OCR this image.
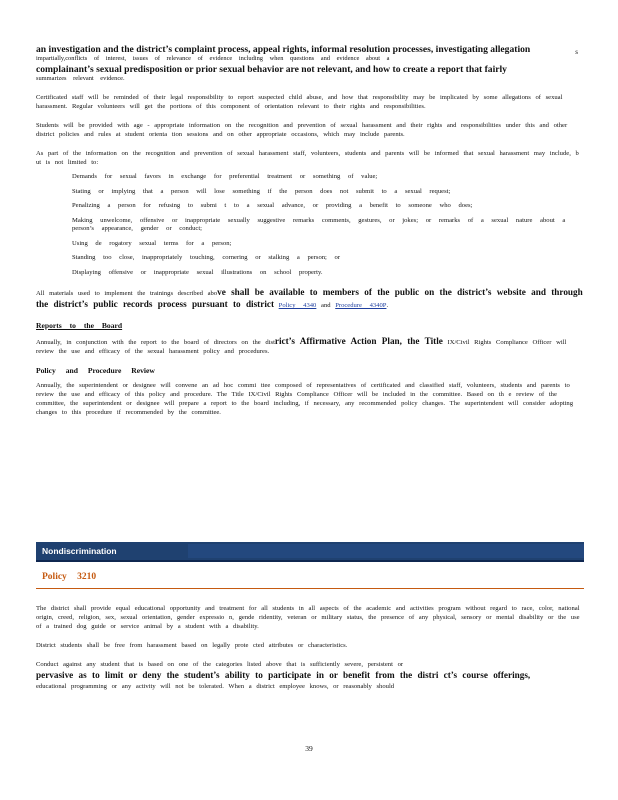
s
an investigation and the district’s complaint process, appeal rights, informal resolution processes, investigating allegation
impartially,conflicts of interest, issues of relevance of evidence including when questions and evidence about a
complainant’s sexual predisposition or prior sexual behavior are not relevant, and how to create a report that fairly
summarizes relevant evidence.

Certificated staff will be reminded of their legal responsibility to report suspected child abuse, and how that responsibility may be implicated by some allegations of sexual harassment. Regular volunteers will get the portions of this component of orientation relevant to their rights and responsibilities.

Students will be provided with age - appropriate information on the recognition and prevention of sexual harassment and their rights and responsibilities under this and other district policies and rules at student orienta tion sessions and on other appropriate occasions, which may include parents.

As part of the information on the recognition and prevention of sexual harassment staff, volunteers, students and parents will be informed that sexual harassment may include, b ut is not limited to:

Demands for sexual favors in exchange for preferential treatment or something of value;
Stating or implying that a person will lose something if the person does not submit to a sexual request;
Penalizing a person for refusing to submi t to a sexual advance, or providing a benefit to someone who does;
Making unwelcome, offensive or inappropriate sexually suggestive remarks comments, gestures, or jokes; or remarks of a sexual nature about a person’s appearance, gender or conduct;
Using de rogatory sexual terms for a person;
Standing too close, inappropriately touching, cornering or stalking a person; or
Displaying offensive or inappropriate sexual illustrations on school property.

All materials used to implement the trainings described above shall be available to members of the public on the district’s website and through the district’s public records process pursuant to district Policy 4340 and Procedure 4340P.

Reports to the Board

Annually, in conjunction with the report to the board of directors on the district’s Affirmative Action Plan, the Title IX/Civil Rights Compliance Officer will review the use and efficacy of the sexual harassment policy and procedures.

Policy and Procedure Review

Annually, the superintendent or designee will convene an ad hoc commi ttee composed of representatives of certificated and classified staff, volunteers, students and parents to review the use and efficacy of this policy and procedure. The Title IX/Civil Rights Compliance Officer will be included in the committee. Based on th e review of the committee, the superintendent or designee will prepare a report to the board including, if necessary, any recommended policy changes. The superintendent will consider adopting changes to this procedure if recommended by the committee.

Nondiscrimination
Policy 3210

The district shall provide equal educational opportunity and treatment for all students in all aspects of the academic and activities program without regard to race, color, national origin, creed, religion, sex, sexual orientation, gender expressio n, gende ridentity, veteran or military status, the presence of any physical, sensory or mental disability or the use of a trained dog guide or service animal by a student with a disability.

District students shall be free from harassment based on legally prote cted attributes or characteristics.

Conduct against any student that is based on one of the categories listed above that is sufficiently severe, persistent or
pervasive as to limit or deny the student’s ability to participate in or benefit from the distri ct’s course offerings,
educational programming or any activity will not be tolerated. When a district employee knows, or reasonably should

39
